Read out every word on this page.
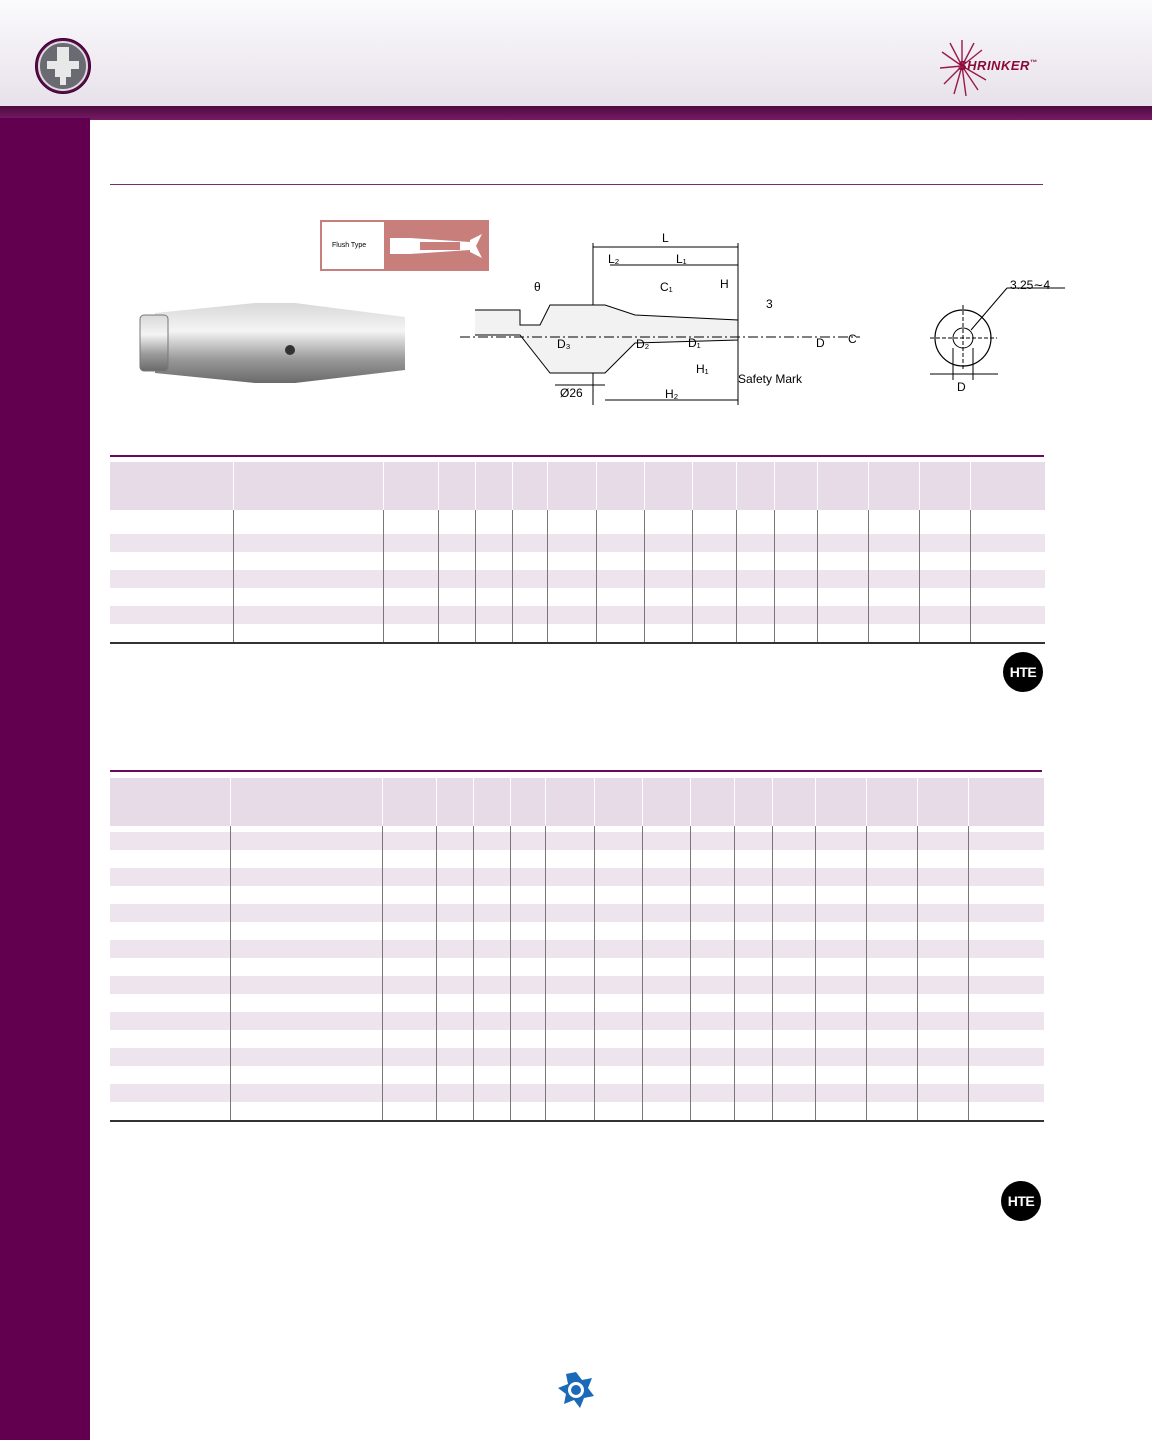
SHRINKER™
Flush Type
L
L₂	L₁
θ	C₁	H
3
C
D
D₁
D₂
D₃
H₁
Safety Mark
Ø26	H₂
3.25∼4
D

HTE

HTE
